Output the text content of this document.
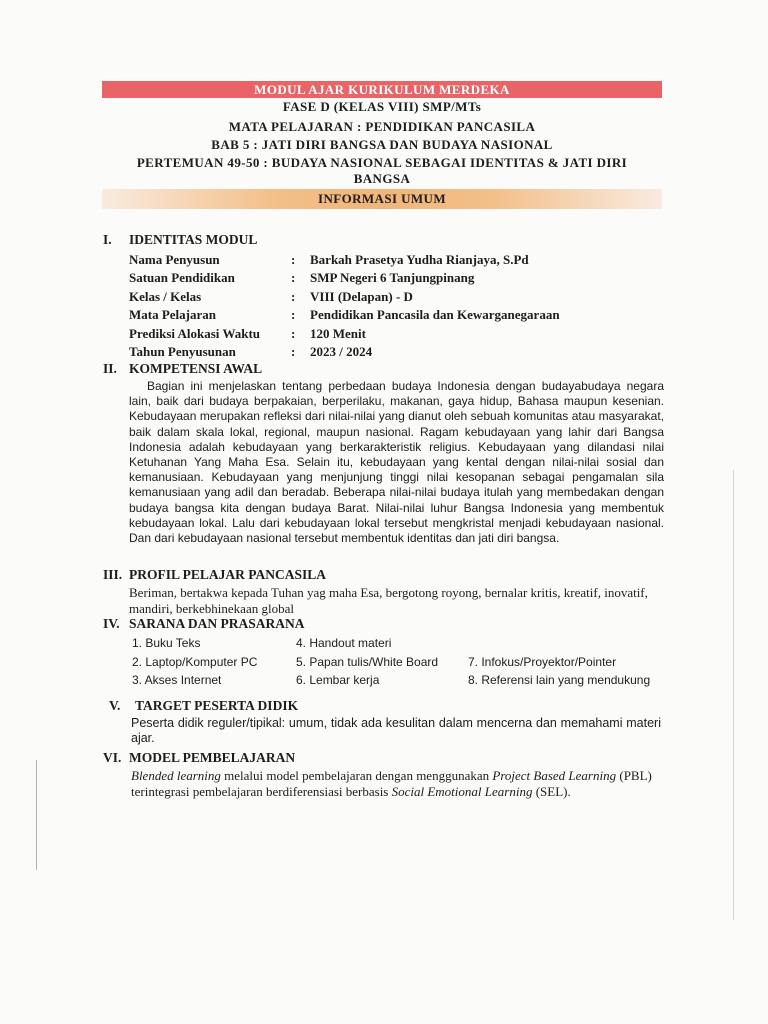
MODUL AJAR KURIKULUM MERDEKA
FASE D (KELAS VIII) SMP/MTs
MATA PELAJARAN : PENDIDIKAN PANCASILA
BAB 5 : JATI DIRI BANGSA DAN BUDAYA NASIONAL
PERTEMUAN 49-50 : BUDAYA NASIONAL SEBAGAI IDENTITAS & JATI DIRI
BANGSA
INFORMASI UMUM
I. IDENTITAS MODUL
Nama Penyusun	: Barkah Prasetya Yudha Rianjaya, S.Pd
Satuan Pendidikan	: SMP Negeri 6 Tanjungpinang
Kelas / Kelas	: VIII (Delapan) - D
Mata Pelajaran	: Pendidikan Pancasila dan Kewarganegaraan
Prediksi Alokasi Waktu : 120 Menit
Tahun Penyusunan	: 2023 / 2024
II. KOMPETENSI AWAL

Bagian ini menjelaskan tentang perbedaan budaya Indonesia dengan budayabudaya negara lain, baik dari budaya berpakaian, berperilaku, makanan, gaya hidup, Bahasa maupun kesenian. Kebudayaan merupakan refleksi dari nilai-nilai yang dianut oleh sebuah komunitas atau masyarakat, baik dalam skala lokal, regional, maupun nasional. Ragam kebudayaan yang lahir dari Bangsa Indonesia adalah kebudayaan yang berkarakteristik religius. Kebudayaan yang dilandasi nilai Ketuhanan Yang Maha Esa. Selain itu, kebudayaan yang kental dengan nilai-nilai sosial dan kemanusiaan. Kebudayaan yang menjunjung tinggi nilai kesopanan sebagai pengamalan sila kemanusiaan yang adil dan beradab. Beberapa nilai-nilai budaya itulah yang membedakan dengan budaya bangsa kita dengan budaya Barat. Nilai-nilai luhur Bangsa Indonesia yang membentuk kebudayaan lokal. Lalu dari kebudayaan lokal tersebut mengkristal menjadi kebudayaan nasional. Dan dari kebudayaan nasional tersebut membentuk identitas dan jati diri bangsa.

III. PROFIL PELAJAR PANCASILA
Beriman, bertakwa kepada Tuhan yag maha Esa, bergotong royong, bernalar kritis, kreatif, inovatif, mandiri, berkebhinekaan global
IV. SARANA DAN PRASARANA
1. Buku Teks
2. Laptop/Komputer PC
3. Akses Internet
4. Handout materi
5. Papan tulis/White Board
6. Lembar kerja
7. Infokus/Proyektor/Pointer
8. Referensi lain yang mendukung
V. TARGET PESERTA DIDIK

Peserta didik reguler/tipikal: umum, tidak ada kesulitan dalam mencerna dan memahami materi ajar.

VI. MODEL PEMBELAJARAN
Blended learning melalui model pembelajaran dengan menggunakan Project Based Learning (PBL) terintegrasi pembelajaran berdiferensiasi berbasis Social Emotional Learning (SEL).
